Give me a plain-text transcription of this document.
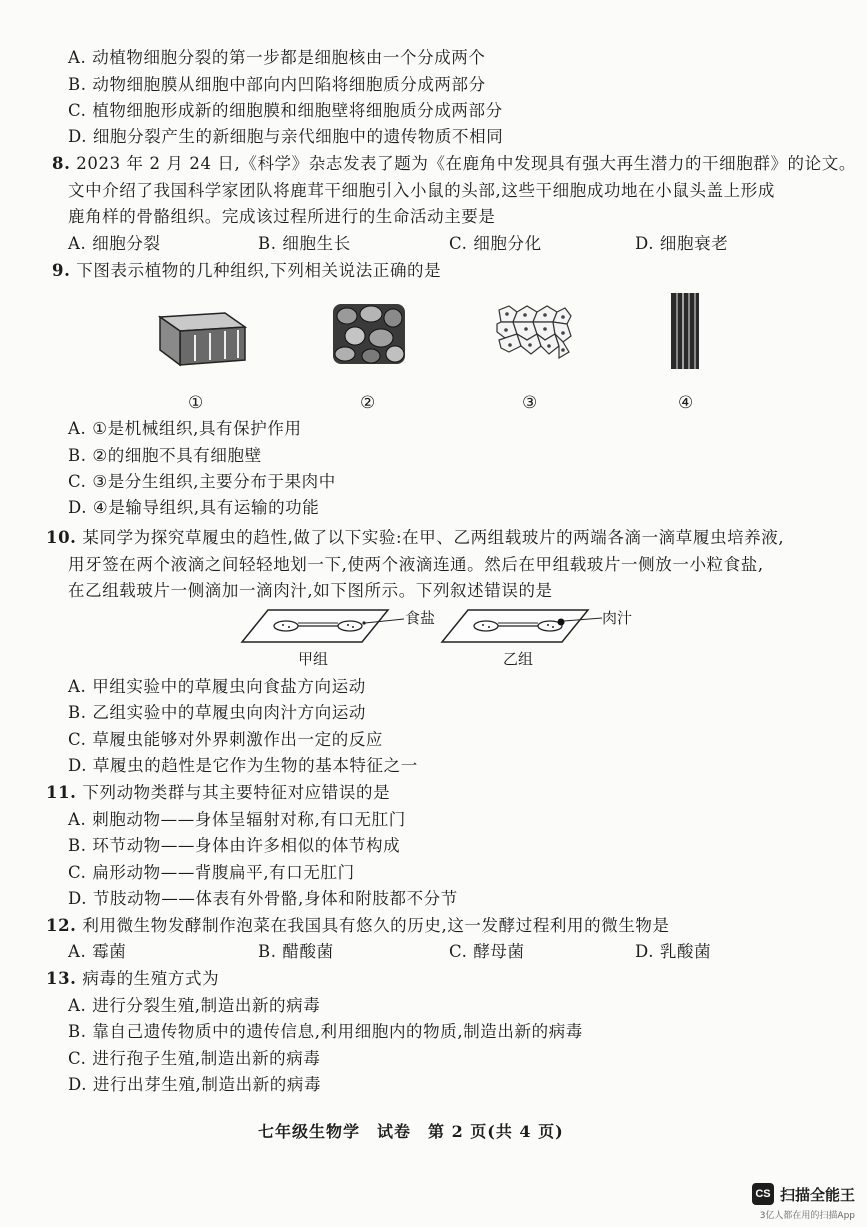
A. 动植物细胞分裂的第一步都是细胞核由一个分成两个
B. 动物细胞膜从细胞中部向内凹陷将细胞质分成两部分
C. 植物细胞形成新的细胞膜和细胞壁将细胞质分成两部分
D. 细胞分裂产生的新细胞与亲代细胞中的遗传物质不相同
8. 2023 年 2 月 24 日,《科学》杂志发表了题为《在鹿角中发现具有强大再生潜力的干细胞群》的论文。
文中介绍了我国科学家团队将鹿茸干细胞引入小鼠的头部,这些干细胞成功地在小鼠头盖上形成
鹿角样的骨骼组织。完成该过程所进行的生命活动主要是
A. 细胞分裂	B. 细胞生长	C. 细胞分化	D. 细胞衰老
9. 下图表示植物的几种组织,下列相关说法正确的是
①	②	③	④
A. ①是机械组织,具有保护作用
B. ②的细胞不具有细胞壁
C. ③是分生组织,主要分布于果肉中
D. ④是输导组织,具有运输的功能
10. 某同学为探究草履虫的趋性,做了以下实验:在甲、乙两组载玻片的两端各滴一滴草履虫培养液,
用牙签在两个液滴之间轻轻地划一下,使两个液滴连通。然后在甲组载玻片一侧放一小粒食盐,
在乙组载玻片一侧滴加一滴肉汁,如下图所示。下列叙述错误的是
食盐	肉汁
甲组	乙组
A. 甲组实验中的草履虫向食盐方向运动
B. 乙组实验中的草履虫向肉汁方向运动
C. 草履虫能够对外界刺激作出一定的反应
D. 草履虫的趋性是它作为生物的基本特征之一
11. 下列动物类群与其主要特征对应错误的是
A. 刺胞动物——身体呈辐射对称,有口无肛门
B. 环节动物——身体由许多相似的体节构成
C. 扁形动物——背腹扁平,有口无肛门
D. 节肢动物——体表有外骨骼,身体和附肢都不分节
12. 利用微生物发酵制作泡菜在我国具有悠久的历史,这一发酵过程利用的微生物是
A. 霉菌	B. 醋酸菌	C. 酵母菌	D. 乳酸菌
13. 病毒的生殖方式为
A. 进行分裂生殖,制造出新的病毒
B. 靠自己遗传物质中的遗传信息,利用细胞内的物质,制造出新的病毒
C. 进行孢子生殖,制造出新的病毒
D. 进行出芽生殖,制造出新的病毒
七年级生物学　试卷　第 2 页(共 4 页)
CS 扫描全能王
3亿人都在用的扫描App
